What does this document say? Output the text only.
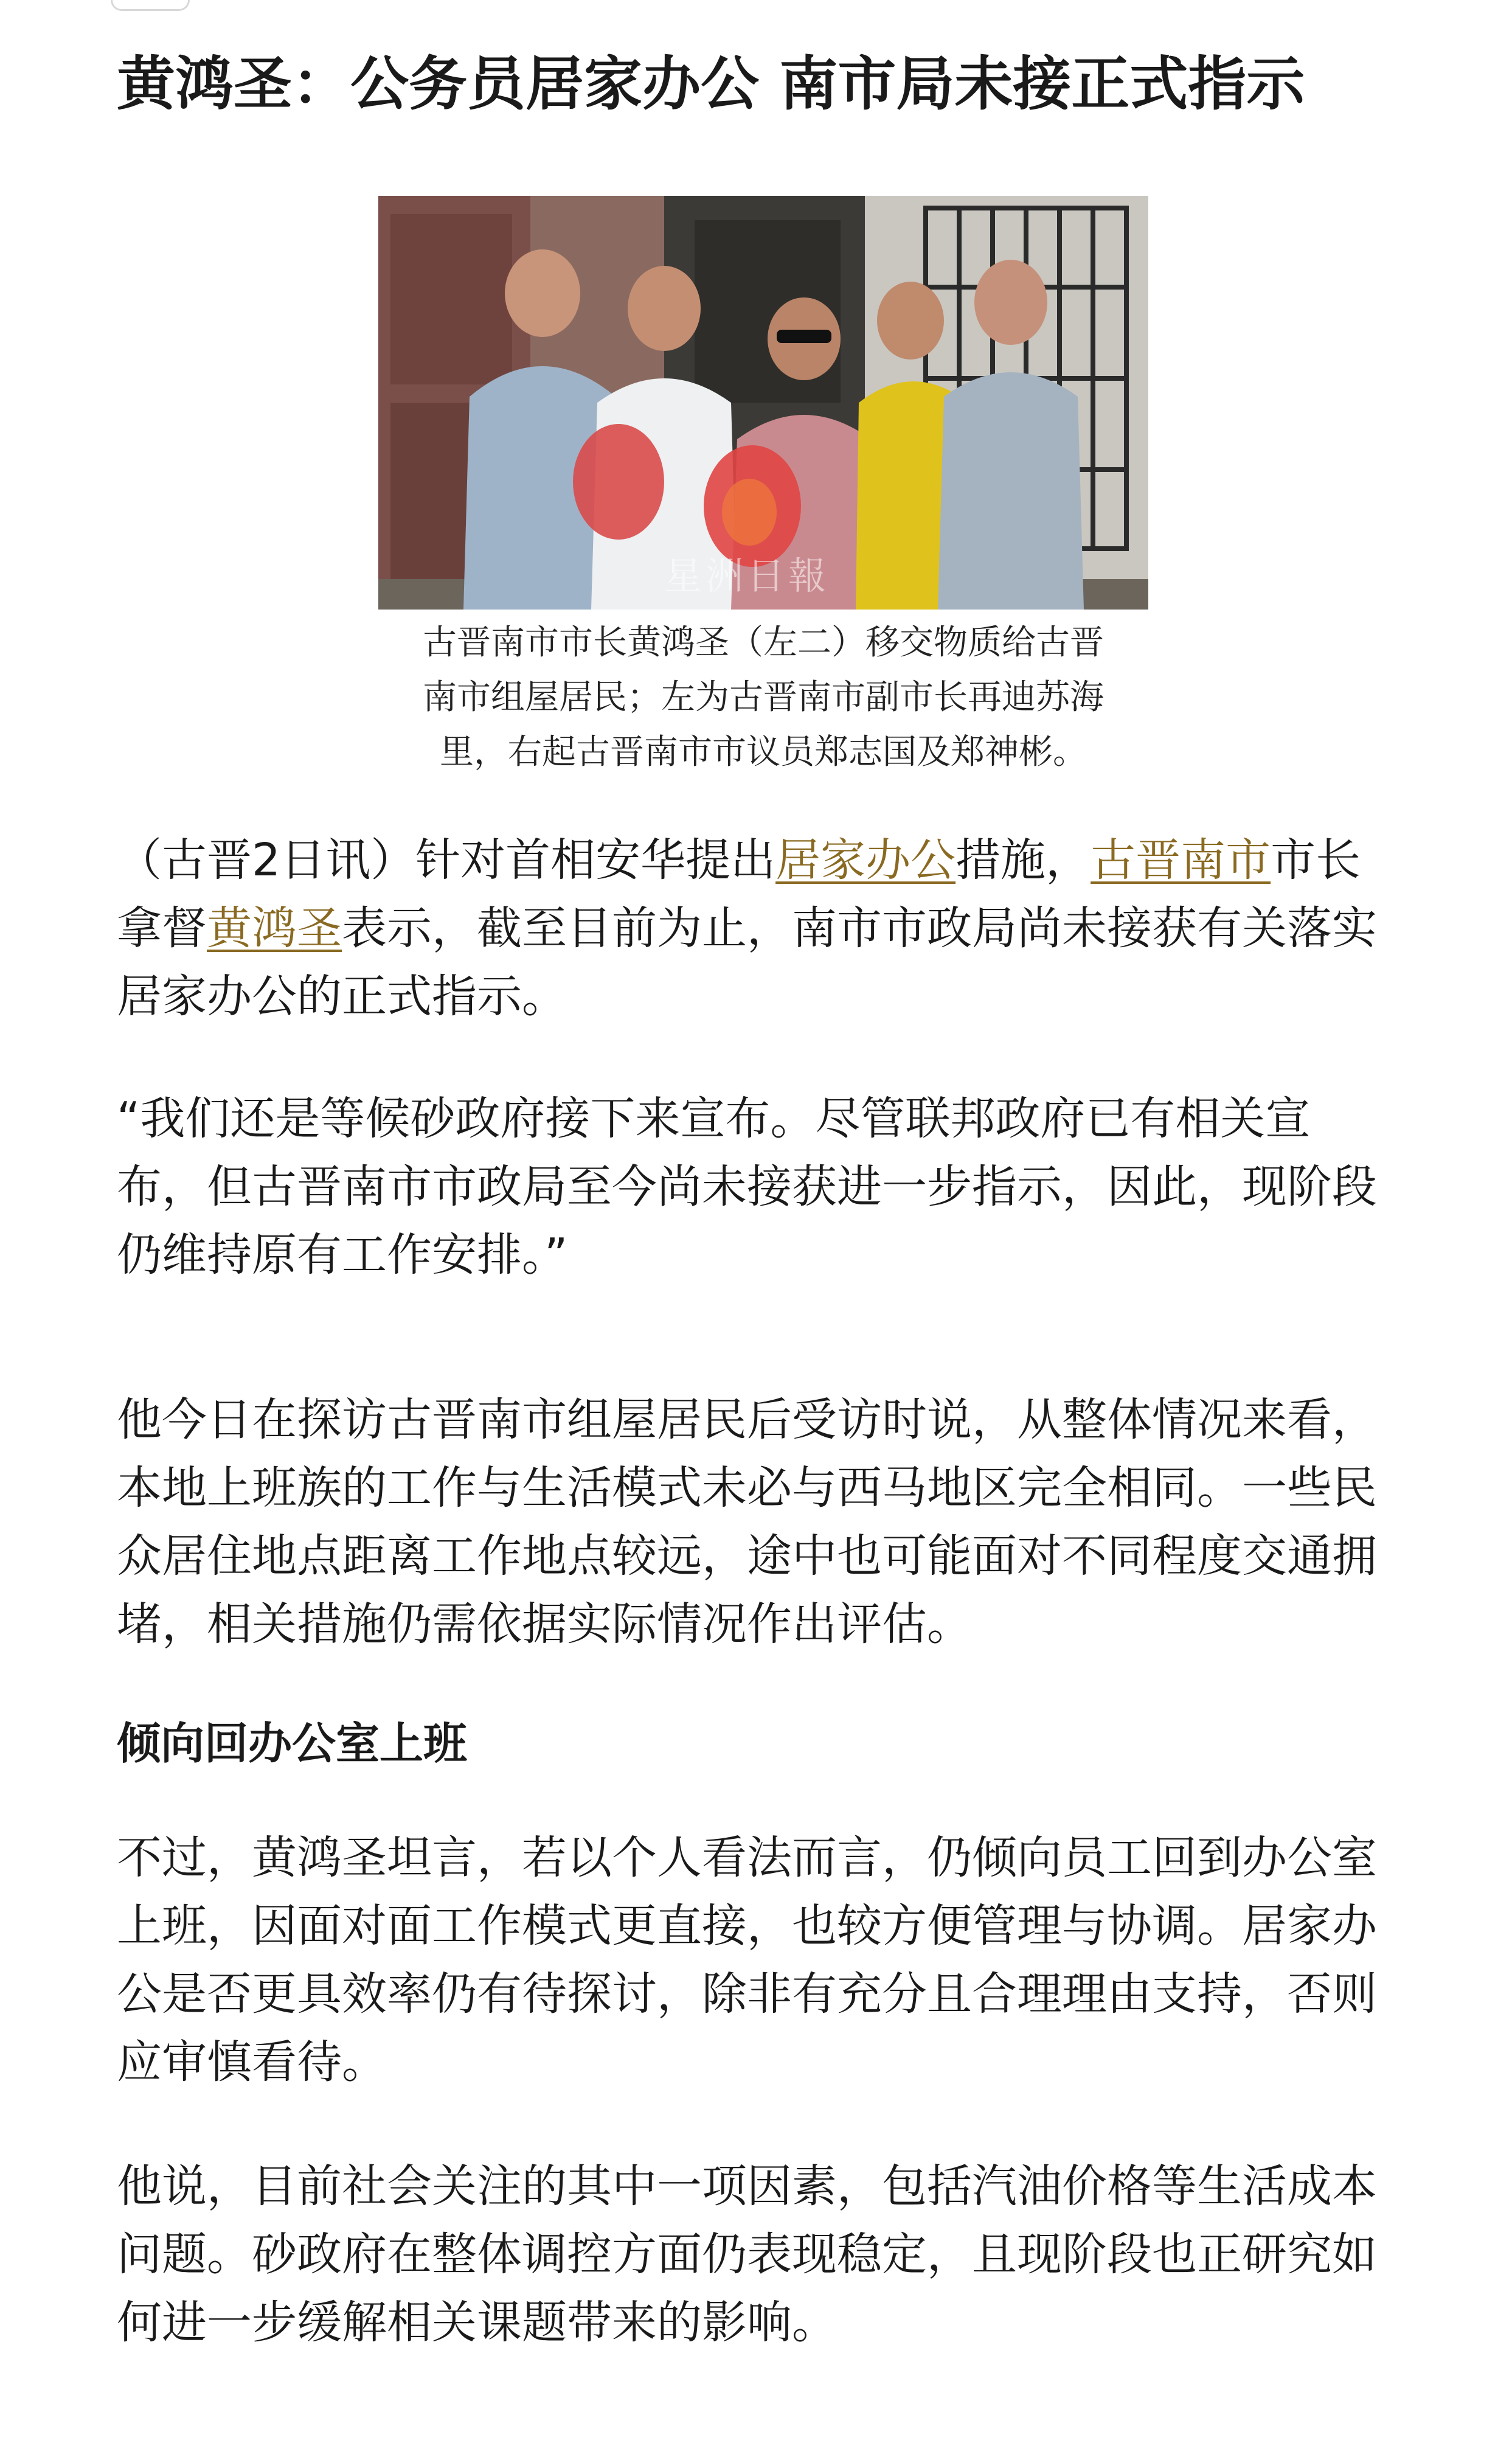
黄鸿圣：公务员居家办公 南市局未接正式指示
星洲日報
古晋南市市长黄鸿圣（左二）移交物质给古晋
南市组屋居民；左为古晋南市副市长再迪苏海
里，右起古晋南市市议员郑志国及郑神彬。
（古晋2日讯）针对首相安华提出居家办公措施，古晋南市市长
拿督黄鸿圣表示，截至目前为止，南市市政局尚未接获有关落实
居家办公的正式指示。
“我们还是等候砂政府接下来宣布。尽管联邦政府已有相关宣
布，但古晋南市市政局至今尚未接获进一步指示，因此，现阶段
仍维持原有工作安排。”
他今日在探访古晋南市组屋居民后受访时说，从整体情况来看，
本地上班族的工作与生活模式未必与西马地区完全相同。一些民
众居住地点距离工作地点较远，途中也可能面对不同程度交通拥
堵，相关措施仍需依据实际情况作出评估。
倾向回办公室上班
不过，黄鸿圣坦言，若以个人看法而言，仍倾向员工回到办公室
上班，因面对面工作模式更直接，也较方便管理与协调。居家办
公是否更具效率仍有待探讨，除非有充分且合理理由支持，否则
应审慎看待。
他说，目前社会关注的其中一项因素，包括汽油价格等生活成本
问题。砂政府在整体调控方面仍表现稳定，且现阶段也正研究如
何进一步缓解相关课题带来的影响。
